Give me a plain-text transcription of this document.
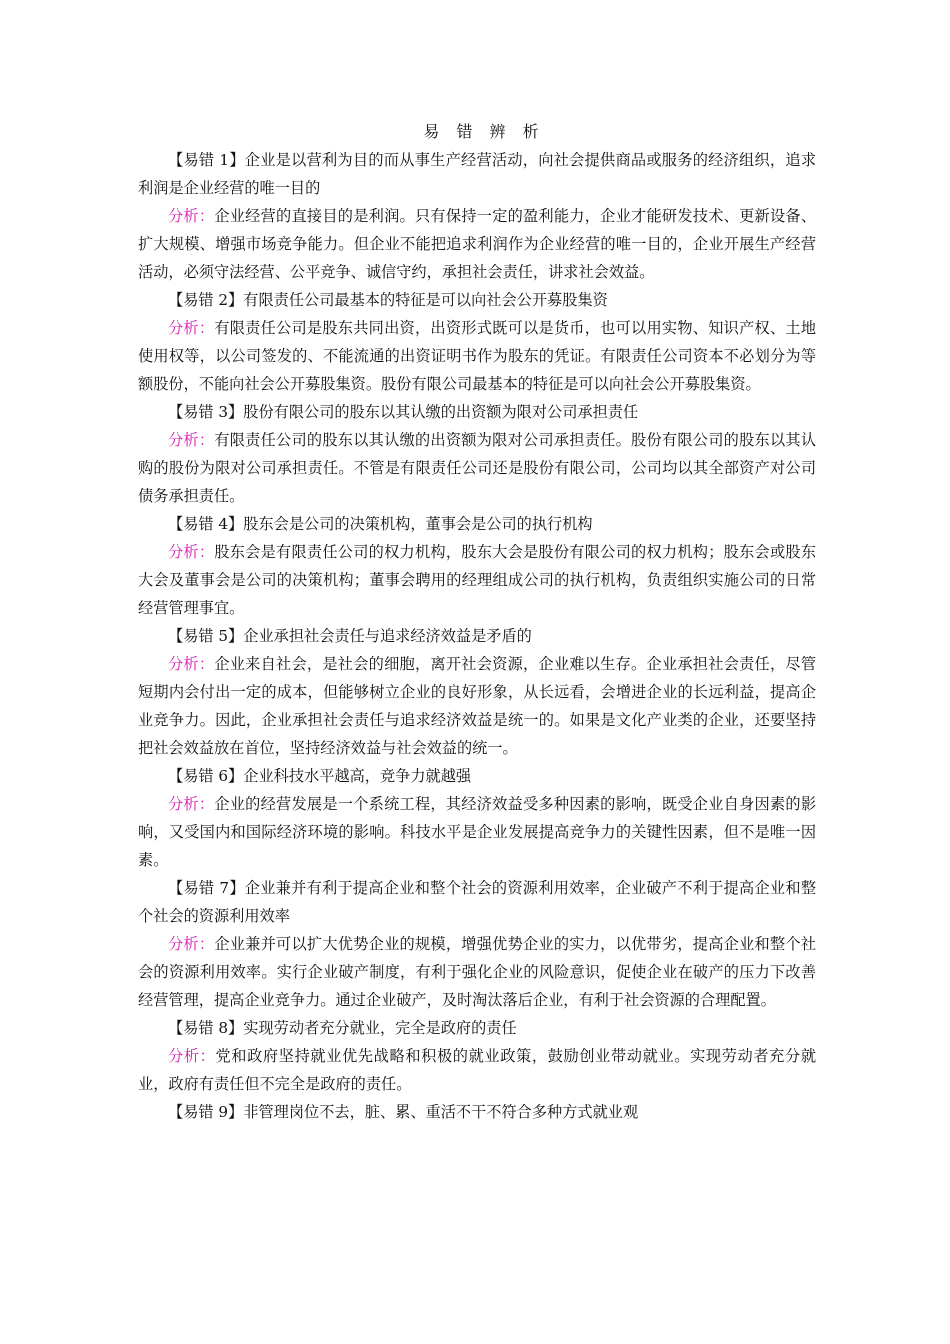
易 错 辨 析

【易错 1】企业是以营利为目的而从事生产经营活动，向社会提供商品或服务的经济组织，追求利润是企业经营的唯一目的

分析：企业经营的直接目的是利润。只有保持一定的盈利能力，企业才能研发技术、更新设备、扩大规模、增强市场竞争能力。但企业不能把追求利润作为企业经营的唯一目的，企业开展生产经营活动，必须守法经营、公平竞争、诚信守约，承担社会责任，讲求社会效益。

【易错 2】有限责任公司最基本的特征是可以向社会公开募股集资

分析：有限责任公司是股东共同出资，出资形式既可以是货币，也可以用实物、知识产权、土地使用权等，以公司签发的、不能流通的出资证明书作为股东的凭证。有限责任公司资本不必划分为等额股份，不能向社会公开募股集资。股份有限公司最基本的特征是可以向社会公开募股集资。

【易错 3】股份有限公司的股东以其认缴的出资额为限对公司承担责任

分析：有限责任公司的股东以其认缴的出资额为限对公司承担责任。股份有限公司的股东以其认购的股份为限对公司承担责任。不管是有限责任公司还是股份有限公司，公司均以其全部资产对公司债务承担责任。

【易错 4】股东会是公司的决策机构，董事会是公司的执行机构

分析：股东会是有限责任公司的权力机构，股东大会是股份有限公司的权力机构；股东会或股东大会及董事会是公司的决策机构；董事会聘用的经理组成公司的执行机构，负责组织实施公司的日常经营管理事宜。

【易错 5】企业承担社会责任与追求经济效益是矛盾的

分析：企业来自社会，是社会的细胞，离开社会资源，企业难以生存。企业承担社会责任，尽管短期内会付出一定的成本，但能够树立企业的良好形象，从长远看，会增进企业的长远利益，提高企业竞争力。因此，企业承担社会责任与追求经济效益是统一的。如果是文化产业类的企业，还要坚持把社会效益放在首位，坚持经济效益与社会效益的统一。

【易错 6】企业科技水平越高，竞争力就越强

分析：企业的经营发展是一个系统工程，其经济效益受多种因素的影响，既受企业自身因素的影响，又受国内和国际经济环境的影响。科技水平是企业发展提高竞争力的关键性因素，但不是唯一因素。

【易错 7】企业兼并有利于提高企业和整个社会的资源利用效率，企业破产不利于提高企业和整个社会的资源利用效率

分析：企业兼并可以扩大优势企业的规模，增强优势企业的实力，以优带劣，提高企业和整个社会的资源利用效率。实行企业破产制度，有利于强化企业的风险意识，促使企业在破产的压力下改善经营管理，提高企业竞争力。通过企业破产，及时淘汰落后企业，有利于社会资源的合理配置。

【易错 8】实现劳动者充分就业，完全是政府的责任

分析：党和政府坚持就业优先战略和积极的就业政策，鼓励创业带动就业。实现劳动者充分就业，政府有责任但不完全是政府的责任。

【易错 9】非管理岗位不去，脏、累、重活不干不符合多种方式就业观
